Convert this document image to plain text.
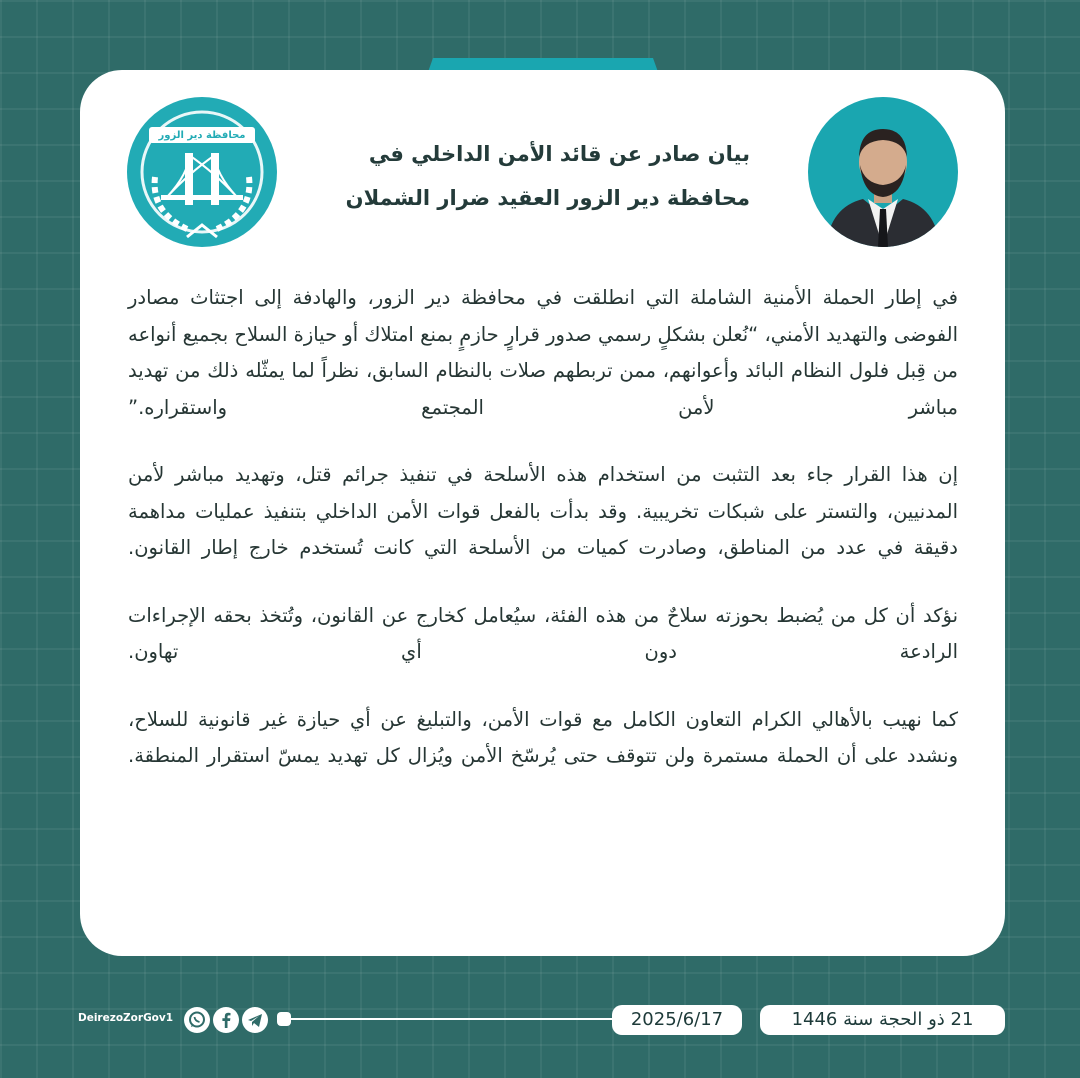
محافظة دير الزور
بيان صادر عن قائد الأمن الداخلي في
محافظة دير الزور العقيد ضرار الشملان

في إطار الحملة الأمنية الشاملة التي انطلقت في محافظة دير الزور، والهادفة إلى اجتثاث مصادر الفوضى والتهديد الأمني، “نُعلن بشكلٍ رسمي صدور قرارٍ حازمٍ بمنع امتلاك أو حيازة السلاح بجميع أنواعه من قِبل فلول النظام البائد وأعوانهم، ممن تربطهم صلات بالنظام السابق، نظراً لما يمثّله ذلك من تهديد مباشر لأمن المجتمع واستقراره.”

إن هذا القرار جاء بعد التثبت من استخدام هذه الأسلحة في تنفيذ جرائم قتل، وتهديد مباشر لأمن المدنيين، والتستر على شبكات تخريبية. وقد بدأت بالفعل قوات الأمن الداخلي بتنفيذ عمليات مداهمة دقيقة في عدد من المناطق، وصادرت كميات من الأسلحة التي كانت تُستخدم خارج إطار القانون.

نؤكد أن كل من يُضبط بحوزته سلاحٌ من هذه الفئة، سيُعامل كخارج عن القانون، وتُتخذ بحقه الإجراءات الرادعة دون أي تهاون.

كما نهيب بالأهالي الكرام التعاون الكامل مع قوات الأمن، والتبليغ عن أي حيازة غير قانونية للسلاح، ونشدد على أن الحملة مستمرة ولن تتوقف حتى يُرسّخ الأمن ويُزال كل تهديد يمسّ استقرار المنطقة.

2025/6/17	21 ذو الحجة سنة 1446
DeirezoZorGov1
